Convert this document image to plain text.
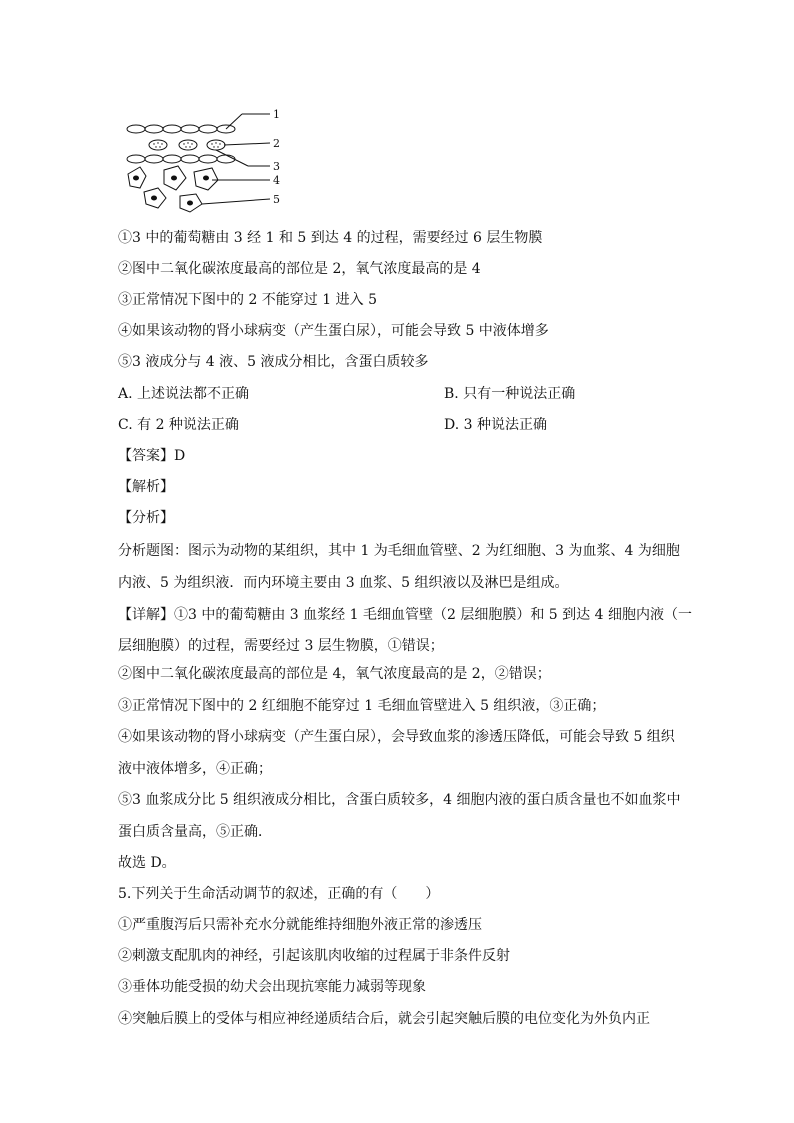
1
2
3
4
5
①3 中的葡萄糖由 3 经 1 和 5 到达 4 的过程，需要经过 6 层生物膜
②图中二氧化碳浓度最高的部位是 2，氧气浓度最高的是 4
③正常情况下图中的 2 不能穿过 1 进入 5
④如果该动物的肾小球病变（产生蛋白尿），可能会导致 5 中液体增多
⑤3 液成分与 4 液、5 液成分相比，含蛋白质较多
A. 上述说法都不正确	B. 只有一种说法正确
C. 有 2 种说法正确	D. 3 种说法正确
【答案】D
【解析】
【分析】
分析题图：图示为动物的某组织，其中 1 为毛细血管壁、2 为红细胞、3 为血浆、4 为细胞
内液、5 为组织液．而内环境主要由 3 血浆、5 组织液以及淋巴是组成。
【详解】①3 中的葡萄糖由 3 血浆经 1 毛细血管壁（2 层细胞膜）和 5 到达 4 细胞内液（一
层细胞膜）的过程，需要经过 3 层生物膜，①错误；
②图中二氧化碳浓度最高的部位是 4，氧气浓度最高的是 2，②错误；
③正常情况下图中的 2 红细胞不能穿过 1 毛细血管壁进入 5 组织液，③正确；
④如果该动物的肾小球病变（产生蛋白尿），会导致血浆的渗透压降低，可能会导致 5 组织
液中液体增多，④正确；
⑤3 血浆成分比 5 组织液成分相比，含蛋白质较多，4 细胞内液的蛋白质含量也不如血浆中
蛋白质含量高，⑤正确．
故选 D。
5.下列关于生命活动调节的叙述，正确的有（　　）
①严重腹泻后只需补充水分就能维持细胞外液正常的渗透压
②刺激支配肌肉的神经，引起该肌肉收缩的过程属于非条件反射
③垂体功能受损的幼犬会出现抗寒能力减弱等现象
④突触后膜上的受体与相应神经递质结合后，就会引起突触后膜的电位变化为外负内正
